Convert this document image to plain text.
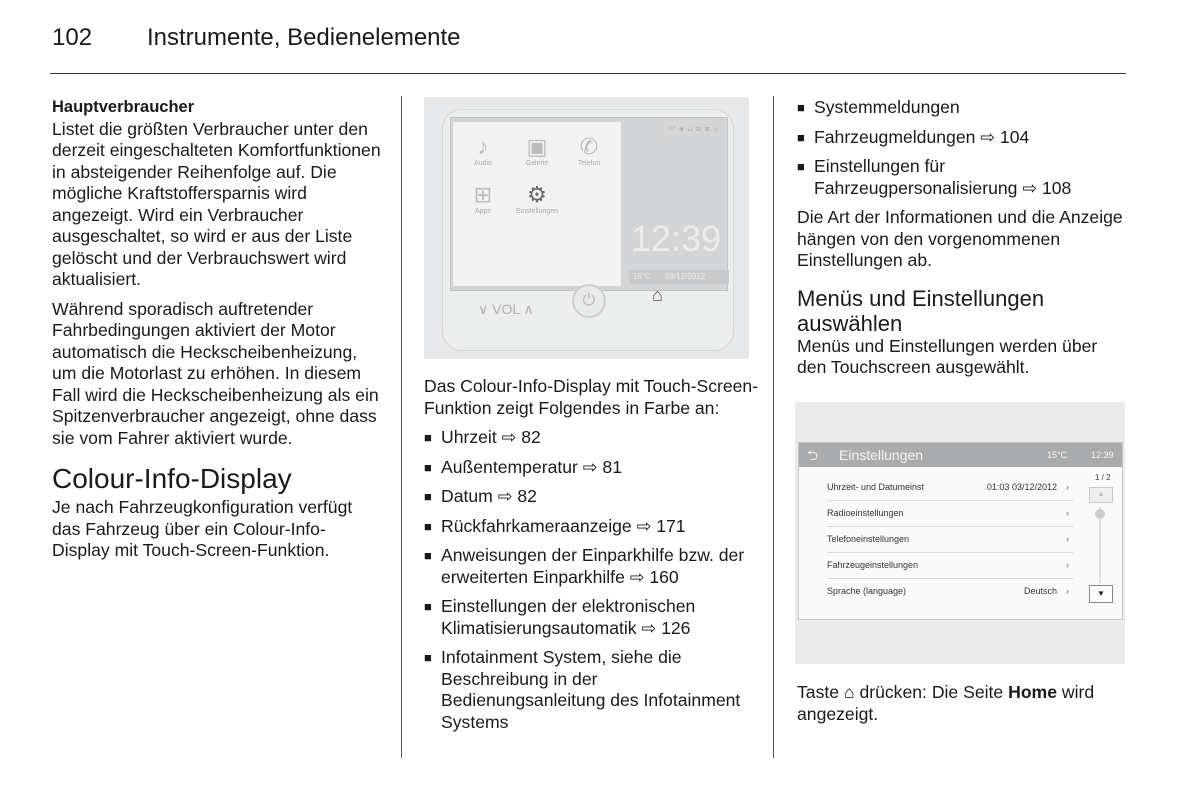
102 Instrumente, Bedienelemente

Hauptverbraucher

Listet die größten Verbraucher unter den derzeit eingeschalteten Komfortfunktionen in absteigender Reihenfolge auf. Die mögliche Kraftstoffersparnis wird angezeigt. Wird ein Verbraucher ausgeschaltet, so wird er aus der Liste gelöscht und der Verbrauchswert wird aktualisiert.

Während sporadisch auftretender Fahrbedingungen aktiviert der Motor automatisch die Heckscheibenheizung, um die Motorlast zu erhöhen. In diesem Fall wird die Heckscheibenheizung als ein Spitzenverbraucher angezeigt, ohne dass sie vom Fahrer aktiviert wurde.

Colour-Info-Display

Je nach Fahrzeugkonfiguration verfügt das Fahrzeug über ein Colour-Info-Display mit Touch-Screen-Funktion.

♪
Audio
▣
Galerie
✆
Telefon
⊞
Apps
⚙
Einstellungen
ᴾᴾ ✱ ⊔ ⊞ ⊠ ◁
12:39
15°C 03/12/2012
∨ VOL ∧	⏻	⌂

Das Colour-Info-Display mit Touch-Screen-Funktion zeigt Folgendes in Farbe an:

■ Uhrzeit ⇨ 82
■ Außentemperatur ⇨ 81
■ Datum ⇨ 82
■ Rückfahrkameraanzeige ⇨ 171
■ Anweisungen der Einparkhilfe bzw. der erweiterten Einparkhilfe ⇨ 160
■ Einstellungen der elektronischen Klimatisierungsautomatik ⇨ 126
■ Infotainment System, siehe die Beschreibung in der Bedienungsanleitung des Infotainment Systems
■ Systemmeldungen
■ Fahrzeugmeldungen ⇨ 104
■ Einstellungen für Fahrzeugpersonalisierung ⇨ 108

Die Art der Informationen und die Anzeige hängen von den vorgenommenen Einstellungen ab.

Menüs und Einstellungen auswählen

Menüs und Einstellungen werden über den Touchscreen ausgewählt.

⮌ Einstellungen	15°C	12:39
Uhrzeit- und Datumeinst	01:03 03/12/2012 ›
Radioeinstellungen	›
Telefoneinstellungen	›
Fahrzeugeinstellungen	›
Sprache (language)	Deutsch ›
1 / 2
▲
▼
Taste ⌂ drücken: Die Seite Home wird angezeigt.
